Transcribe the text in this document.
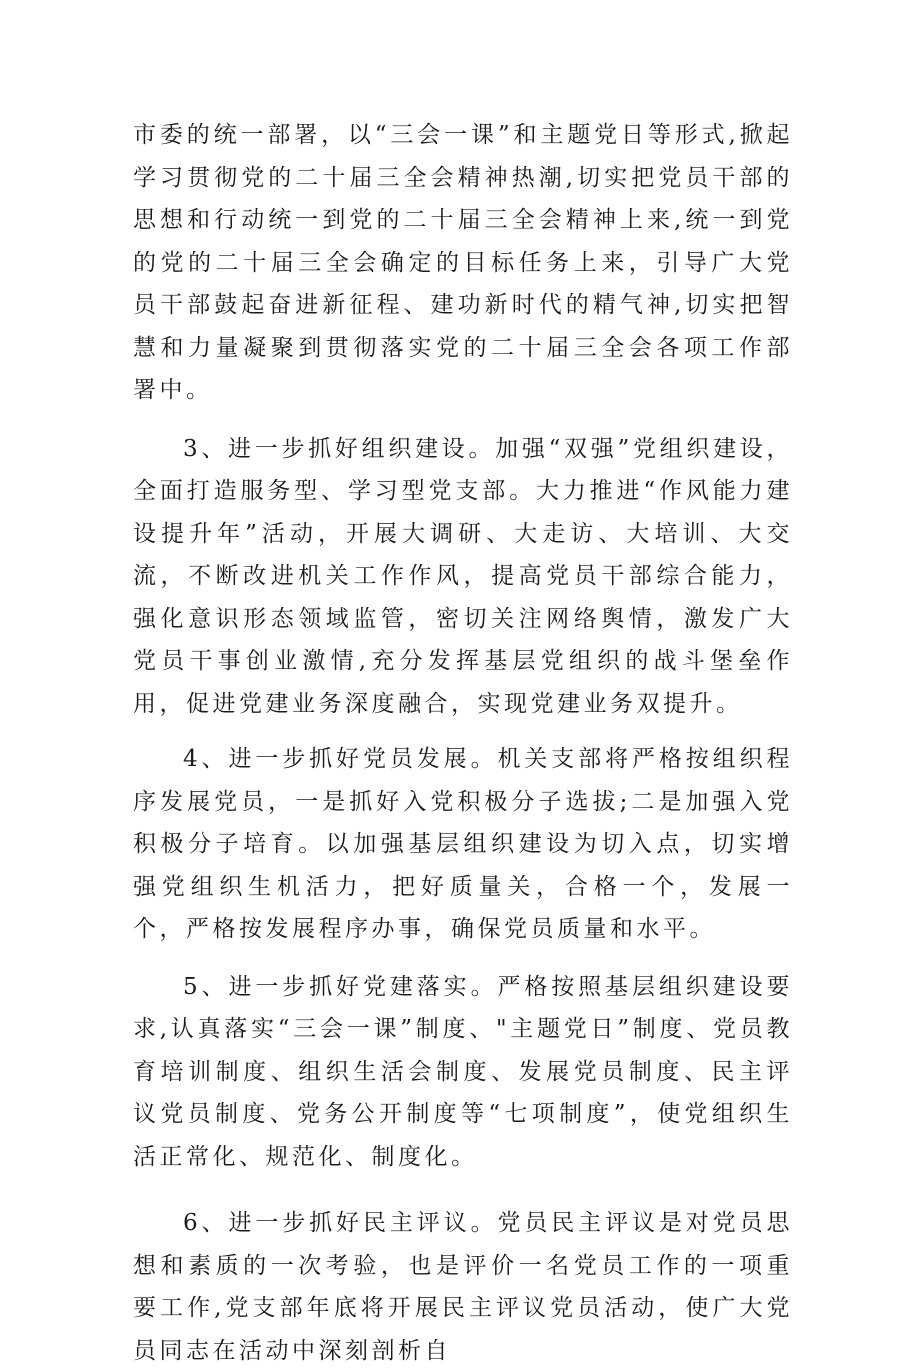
市委的统一部署，以“三会一课”和主题党日等形式,掀起学习贯彻党的二十届三全会精神热潮,切实把党员干部的思想和行动统一到党的二十届三全会精神上来,统一到党的党的二十届三全会确定的目标任务上来，引导广大党员干部鼓起奋进新征程、建功新时代的精气神,切实把智慧和力量凝聚到贯彻落实党的二十届三全会各项工作部署中。

3、进一步抓好组织建设。加强“双强”党组织建设，全面打造服务型、学习型党支部。大力推进“作风能力建设提升年”活动，开展大调研、大走访、大培训、大交流，不断改进机关工作作风，提高党员干部综合能力，强化意识形态领域监管，密切关注网络舆情，激发广大党员干事创业激情,充分发挥基层党组织的战斗堡垒作用，促进党建业务深度融合，实现党建业务双提升。

4、进一步抓好党员发展。机关支部将严格按组织程序发展党员，一是抓好入党积极分子选拔;二是加强入党积极分子培育。以加强基层组织建设为切入点，切实增强党组织生机活力，把好质量关，合格一个，发展一个，严格按发展程序办事，确保党员质量和水平。

5、进一步抓好党建落实。严格按照基层组织建设要求,认真落实“三会一课”制度、"主题党日”制度、党员教育培训制度、组织生活会制度、发展党员制度、民主评议党员制度、党务公开制度等“七项制度”，使党组织生活正常化、规范化、制度化。

6、进一步抓好民主评议。党员民主评议是对党员思想和素质的一次考验，也是评价一名党员工作的一项重要工作,党支部年底将开展民主评议党员活动，使广大党员同志在活动中深刻剖析自
